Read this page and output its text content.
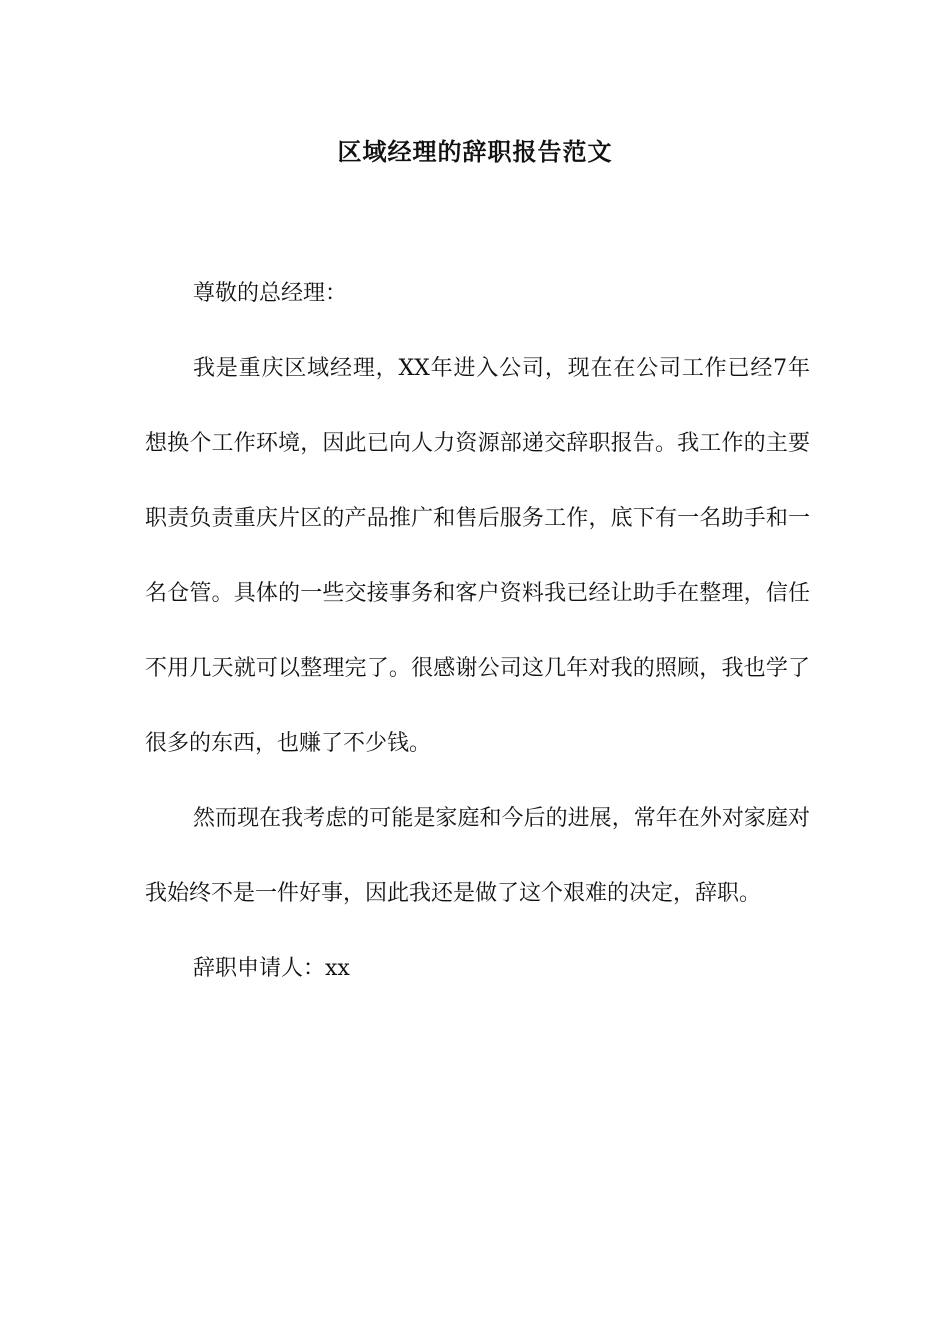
区域经理的辞职报告范文

尊敬的总经理：

我是重庆区域经理，XX年进入公司，现在在公司工作已经7年想换个工作环境，因此已向人力资源部递交辞职报告。我工作的主要职责负责重庆片区的产品推广和售后服务工作，底下有一名助手和一名仓管。具体的一些交接事务和客户资料我已经让助手在整理，信任不用几天就可以整理完了。很感谢公司这几年对我的照顾，我也学了很多的东西，也赚了不少钱。

然而现在我考虑的可能是家庭和今后的进展，常年在外对家庭对我始终不是一件好事，因此我还是做了这个艰难的决定，辞职。

辞职申请人：xx
